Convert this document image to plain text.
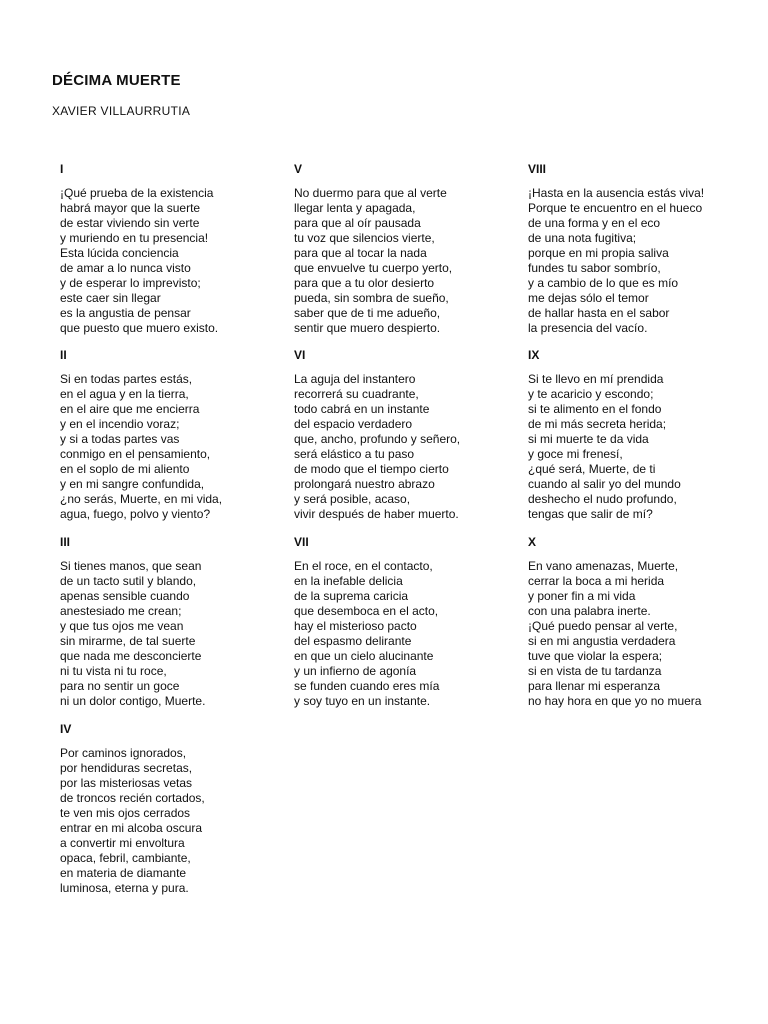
DÉCIMA MUERTE
XAVIER VILLAURRUTIA
I
¡Qué prueba de la existencia
habrá mayor que la suerte
de estar viviendo sin verte
y muriendo en tu presencia!
Esta lúcida conciencia
de amar a lo nunca visto
y de esperar lo imprevisto;
este caer sin llegar
es la angustia de pensar
que puesto que muero existo.
II
Si en todas partes estás,
en el agua y en la tierra,
en el aire que me encierra
y en el incendio voraz;
y si a todas partes vas
conmigo en el pensamiento,
en el soplo de mi aliento
y en mi sangre confundida,
¿no serás, Muerte, en mi vida,
agua, fuego, polvo y viento?
III
Si tienes manos, que sean
de un tacto sutil y blando,
apenas sensible cuando
anestesiado me crean;
y que tus ojos me vean
sin mirarme, de tal suerte
que nada me desconcierte
ni tu vista ni tu roce,
para no sentir un goce
ni un dolor contigo, Muerte.
IV
Por caminos ignorados,
por hendiduras secretas,
por las misteriosas vetas
de troncos recién cortados,
te ven mis ojos cerrados
entrar en mi alcoba oscura
a convertir mi envoltura
opaca, febril, cambiante,
en materia de diamante
luminosa, eterna y pura.
V
No duermo para que al verte
llegar lenta y apagada,
para que al oír pausada
tu voz que silencios vierte,
para que al tocar la nada
que envuelve tu cuerpo yerto,
para que a tu olor desierto
pueda, sin sombra de sueño,
saber que de ti me adueño,
sentir que muero despierto.
VI
La aguja del instantero
recorrerá su cuadrante,
todo cabrá en un instante
del espacio verdadero
que, ancho, profundo y señero,
será elástico a tu paso
de modo que el tiempo cierto
prolongará nuestro abrazo
y será posible, acaso,
vivir después de haber muerto.
VII
En el roce, en el contacto,
en la inefable delicia
de la suprema caricia
que desemboca en el acto,
hay el misterioso pacto
del espasmo delirante
en que un cielo alucinante
y un infierno de agonía
se funden cuando eres mía
y soy tuyo en un instante.
VIII
¡Hasta en la ausencia estás viva!
Porque te encuentro en el hueco
de una forma y en el eco
de una nota fugitiva;
porque en mi propia saliva
fundes tu sabor sombrío,
y a cambio de lo que es mío
me dejas sólo el temor
de hallar hasta en el sabor
la presencia del vacío.
IX
Si te llevo en mí prendida
y te acaricio y escondo;
si te alimento en el fondo
de mi más secreta herida;
si mi muerte te da vida
y goce mi frenesí,
¿qué será, Muerte, de ti
cuando al salir yo del mundo
deshecho el nudo profundo,
tengas que salir de mí?
X
En vano amenazas, Muerte,
cerrar la boca a mi herida
y poner fin a mi vida
con una palabra inerte.
¡Qué puedo pensar al verte,
si en mi angustia verdadera
tuve que violar la espera;
si en vista de tu tardanza
para llenar mi esperanza
no hay hora en que yo no muera
